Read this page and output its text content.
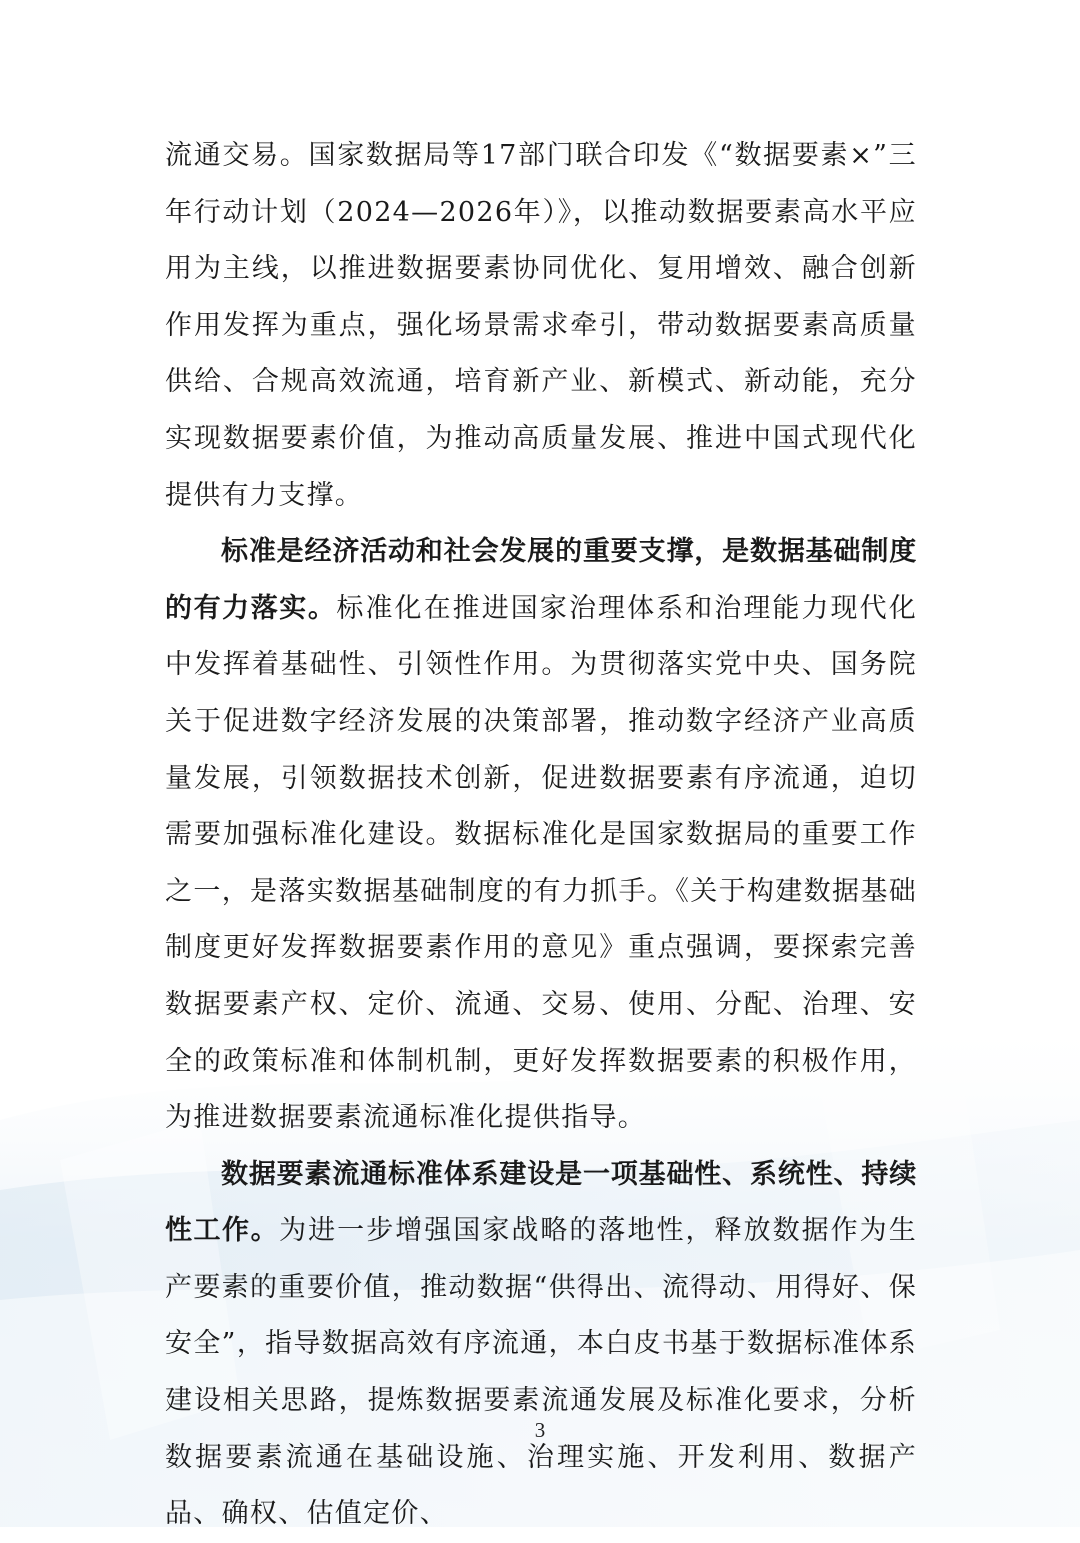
流通交易。国家数据局等17部门联合印发《“数据要素×”三年行动计划（2024—2026年）》，以推动数据要素高水平应用为主线，以推进数据要素协同优化、复用增效、融合创新作用发挥为重点，强化场景需求牵引，带动数据要素高质量供给、合规高效流通，培育新产业、新模式、新动能，充分实现数据要素价值，为推动高质量发展、推进中国式现代化提供有力支撑。

标准是经济活动和社会发展的重要支撑，是数据基础制度的有力落实。标准化在推进国家治理体系和治理能力现代化中发挥着基础性、引领性作用。为贯彻落实党中央、国务院关于促进数字经济发展的决策部署，推动数字经济产业高质量发展，引领数据技术创新，促进数据要素有序流通，迫切需要加强标准化建设。数据标准化是国家数据局的重要工作之一，是落实数据基础制度的有力抓手。《关于构建数据基础制度更好发挥数据要素作用的意见》重点强调，要探索完善数据要素产权、定价、流通、交易、使用、分配、治理、安全的政策标准和体制机制，更好发挥数据要素的积极作用，为推进数据要素流通标准化提供指导。

数据要素流通标准体系建设是一项基础性、系统性、持续性工作。为进一步增强国家战略的落地性，释放数据作为生产要素的重要价值，推动数据“供得出、流得动、用得好、保安全”，指导数据高效有序流通，本白皮书基于数据标准体系建设相关思路，提炼数据要素流通发展及标准化要求，分析数据要素流通在基础设施、治理实施、开发利用、数据产品、确权、估值定价、

3
